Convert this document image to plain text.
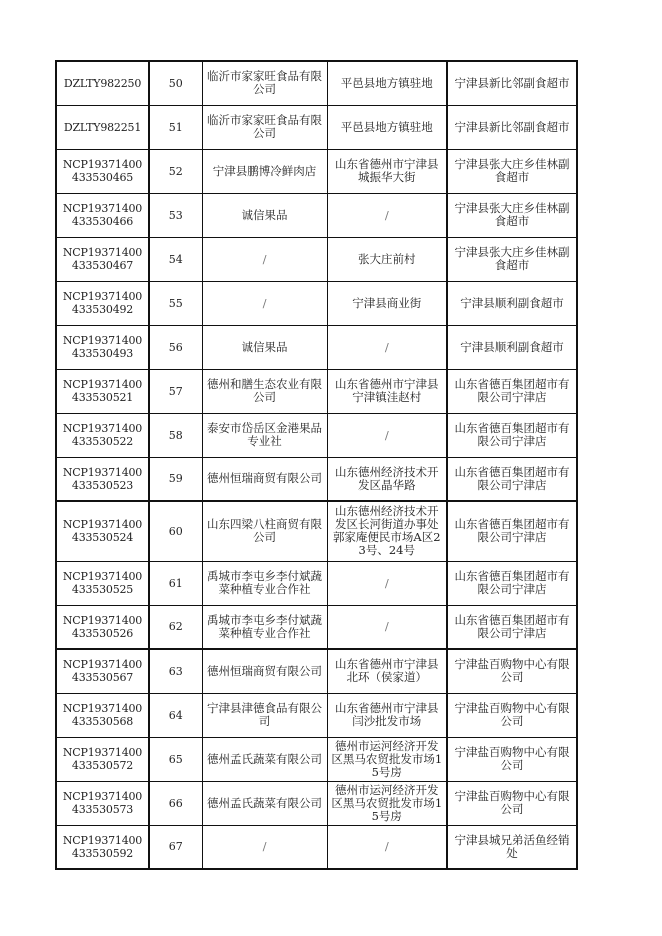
DZLTY982250	50	临沂市家家旺食品有限公司	平邑县地方镇驻地	宁津县新比邻副食超市
DZLTY982251	51	临沂市家家旺食品有限公司	平邑县地方镇驻地	宁津县新比邻副食超市
NCP19371400433530465	52	宁津县鹏博冷鲜肉店	山东省德州市宁津县城振华大街	宁津县张大庄乡佳林副食超市
NCP19371400433530466	53	诚信果品	/	宁津县张大庄乡佳林副食超市
NCP19371400433530467	54	/	张大庄前村	宁津县张大庄乡佳林副食超市
NCP19371400433530492	55	/	宁津县商业街	宁津县顺利副食超市
NCP19371400433530493	56	诚信果品	/	宁津县顺利副食超市
NCP19371400433530521	57	德州和膳生态农业有限公司	山东省德州市宁津县宁津镇洼赵村	山东省德百集团超市有限公司宁津店
NCP19371400433530522	58	泰安市岱岳区金港果品专业社	/	山东省德百集团超市有限公司宁津店
NCP19371400433530523	59	德州恒瑞商贸有限公司	山东德州经济技术开发区晶华路	山东省德百集团超市有限公司宁津店
NCP19371400433530524	60	山东四梁八柱商贸有限公司	山东德州经济技术开发区长河街道办事处郭家庵便民市场A区23号、24号	山东省德百集团超市有限公司宁津店
NCP19371400433530525	61	禹城市李屯乡李付斌蔬菜种植专业合作社	/	山东省德百集团超市有限公司宁津店
NCP19371400433530526	62	禹城市李屯乡李付斌蔬菜种植专业合作社	/	山东省德百集团超市有限公司宁津店
NCP19371400433530567	63	德州恒瑞商贸有限公司	山东省德州市宁津县北环（侯家道）	宁津盐百购物中心有限公司
NCP19371400433530568	64	宁津县津德食品有限公司	山东省德州市宁津县闫沙批发市场	宁津盐百购物中心有限公司
NCP19371400433530572	65	德州孟氏蔬菜有限公司	德州市运河经济开发区黑马农贸批发市场15号房	宁津盐百购物中心有限公司
NCP19371400433530573	66	德州孟氏蔬菜有限公司	德州市运河经济开发区黑马农贸批发市场15号房	宁津盐百购物中心有限公司
NCP19371400433530592	67	/	/	宁津县城兄弟活鱼经销处
